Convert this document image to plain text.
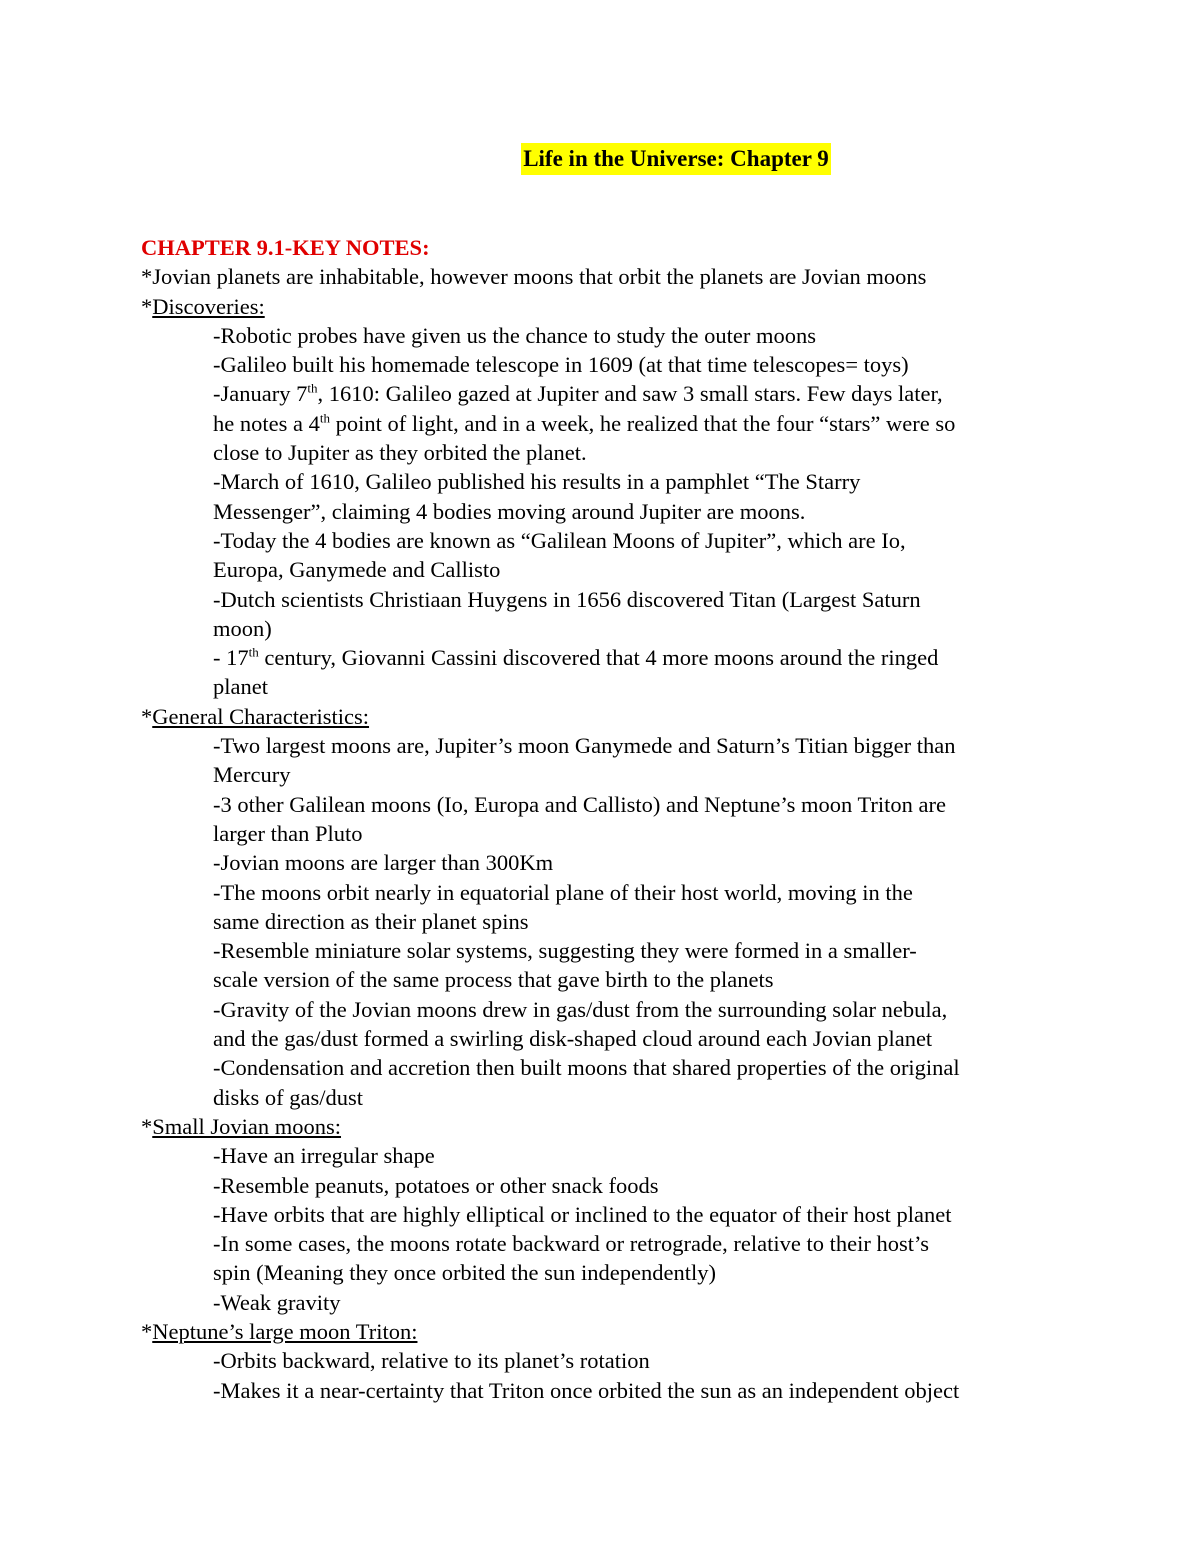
Life in the Universe: Chapter 9
CHAPTER 9.1-KEY NOTES:
*Jovian planets are inhabitable, however moons that orbit the planets are Jovian moons
*Discoveries:
-Robotic probes have given us the chance to study the outer moons
-Galileo built his homemade telescope in 1609 (at that time telescopes= toys)
-January 7th, 1610: Galileo gazed at Jupiter and saw 3 small stars. Few days later,
he notes a 4th point of light, and in a week, he realized that the four “stars” were so
close to Jupiter as they orbited the planet.
-March of 1610, Galileo published his results in a pamphlet “The Starry
Messenger”, claiming 4 bodies moving around Jupiter are moons.
-Today the 4 bodies are known as “Galilean Moons of Jupiter”, which are Io,
Europa, Ganymede and Callisto
-Dutch scientists Christiaan Huygens in 1656 discovered Titan (Largest Saturn
moon)
- 17th century, Giovanni Cassini discovered that 4 more moons around the ringed
planet
*General Characteristics:
-Two largest moons are, Jupiter’s moon Ganymede and Saturn’s Titian bigger than
Mercury
-3 other Galilean moons (Io, Europa and Callisto) and Neptune’s moon Triton are
larger than Pluto
-Jovian moons are larger than 300Km
-The moons orbit nearly in equatorial plane of their host world, moving in the
same direction as their planet spins
-Resemble miniature solar systems, suggesting they were formed in a smaller-
scale version of the same process that gave birth to the planets
-Gravity of the Jovian moons drew in gas/dust from the surrounding solar nebula,
and the gas/dust formed a swirling disk-shaped cloud around each Jovian planet
-Condensation and accretion then built moons that shared properties of the original
disks of gas/dust
*Small Jovian moons:
-Have an irregular shape
-Resemble peanuts, potatoes or other snack foods
-Have orbits that are highly elliptical or inclined to the equator of their host planet
-In some cases, the moons rotate backward or retrograde, relative to their host’s
spin (Meaning they once orbited the sun independently)
-Weak gravity
*Neptune’s large moon Triton:
-Orbits backward, relative to its planet’s rotation
-Makes it a near-certainty that Triton once orbited the sun as an independent object
